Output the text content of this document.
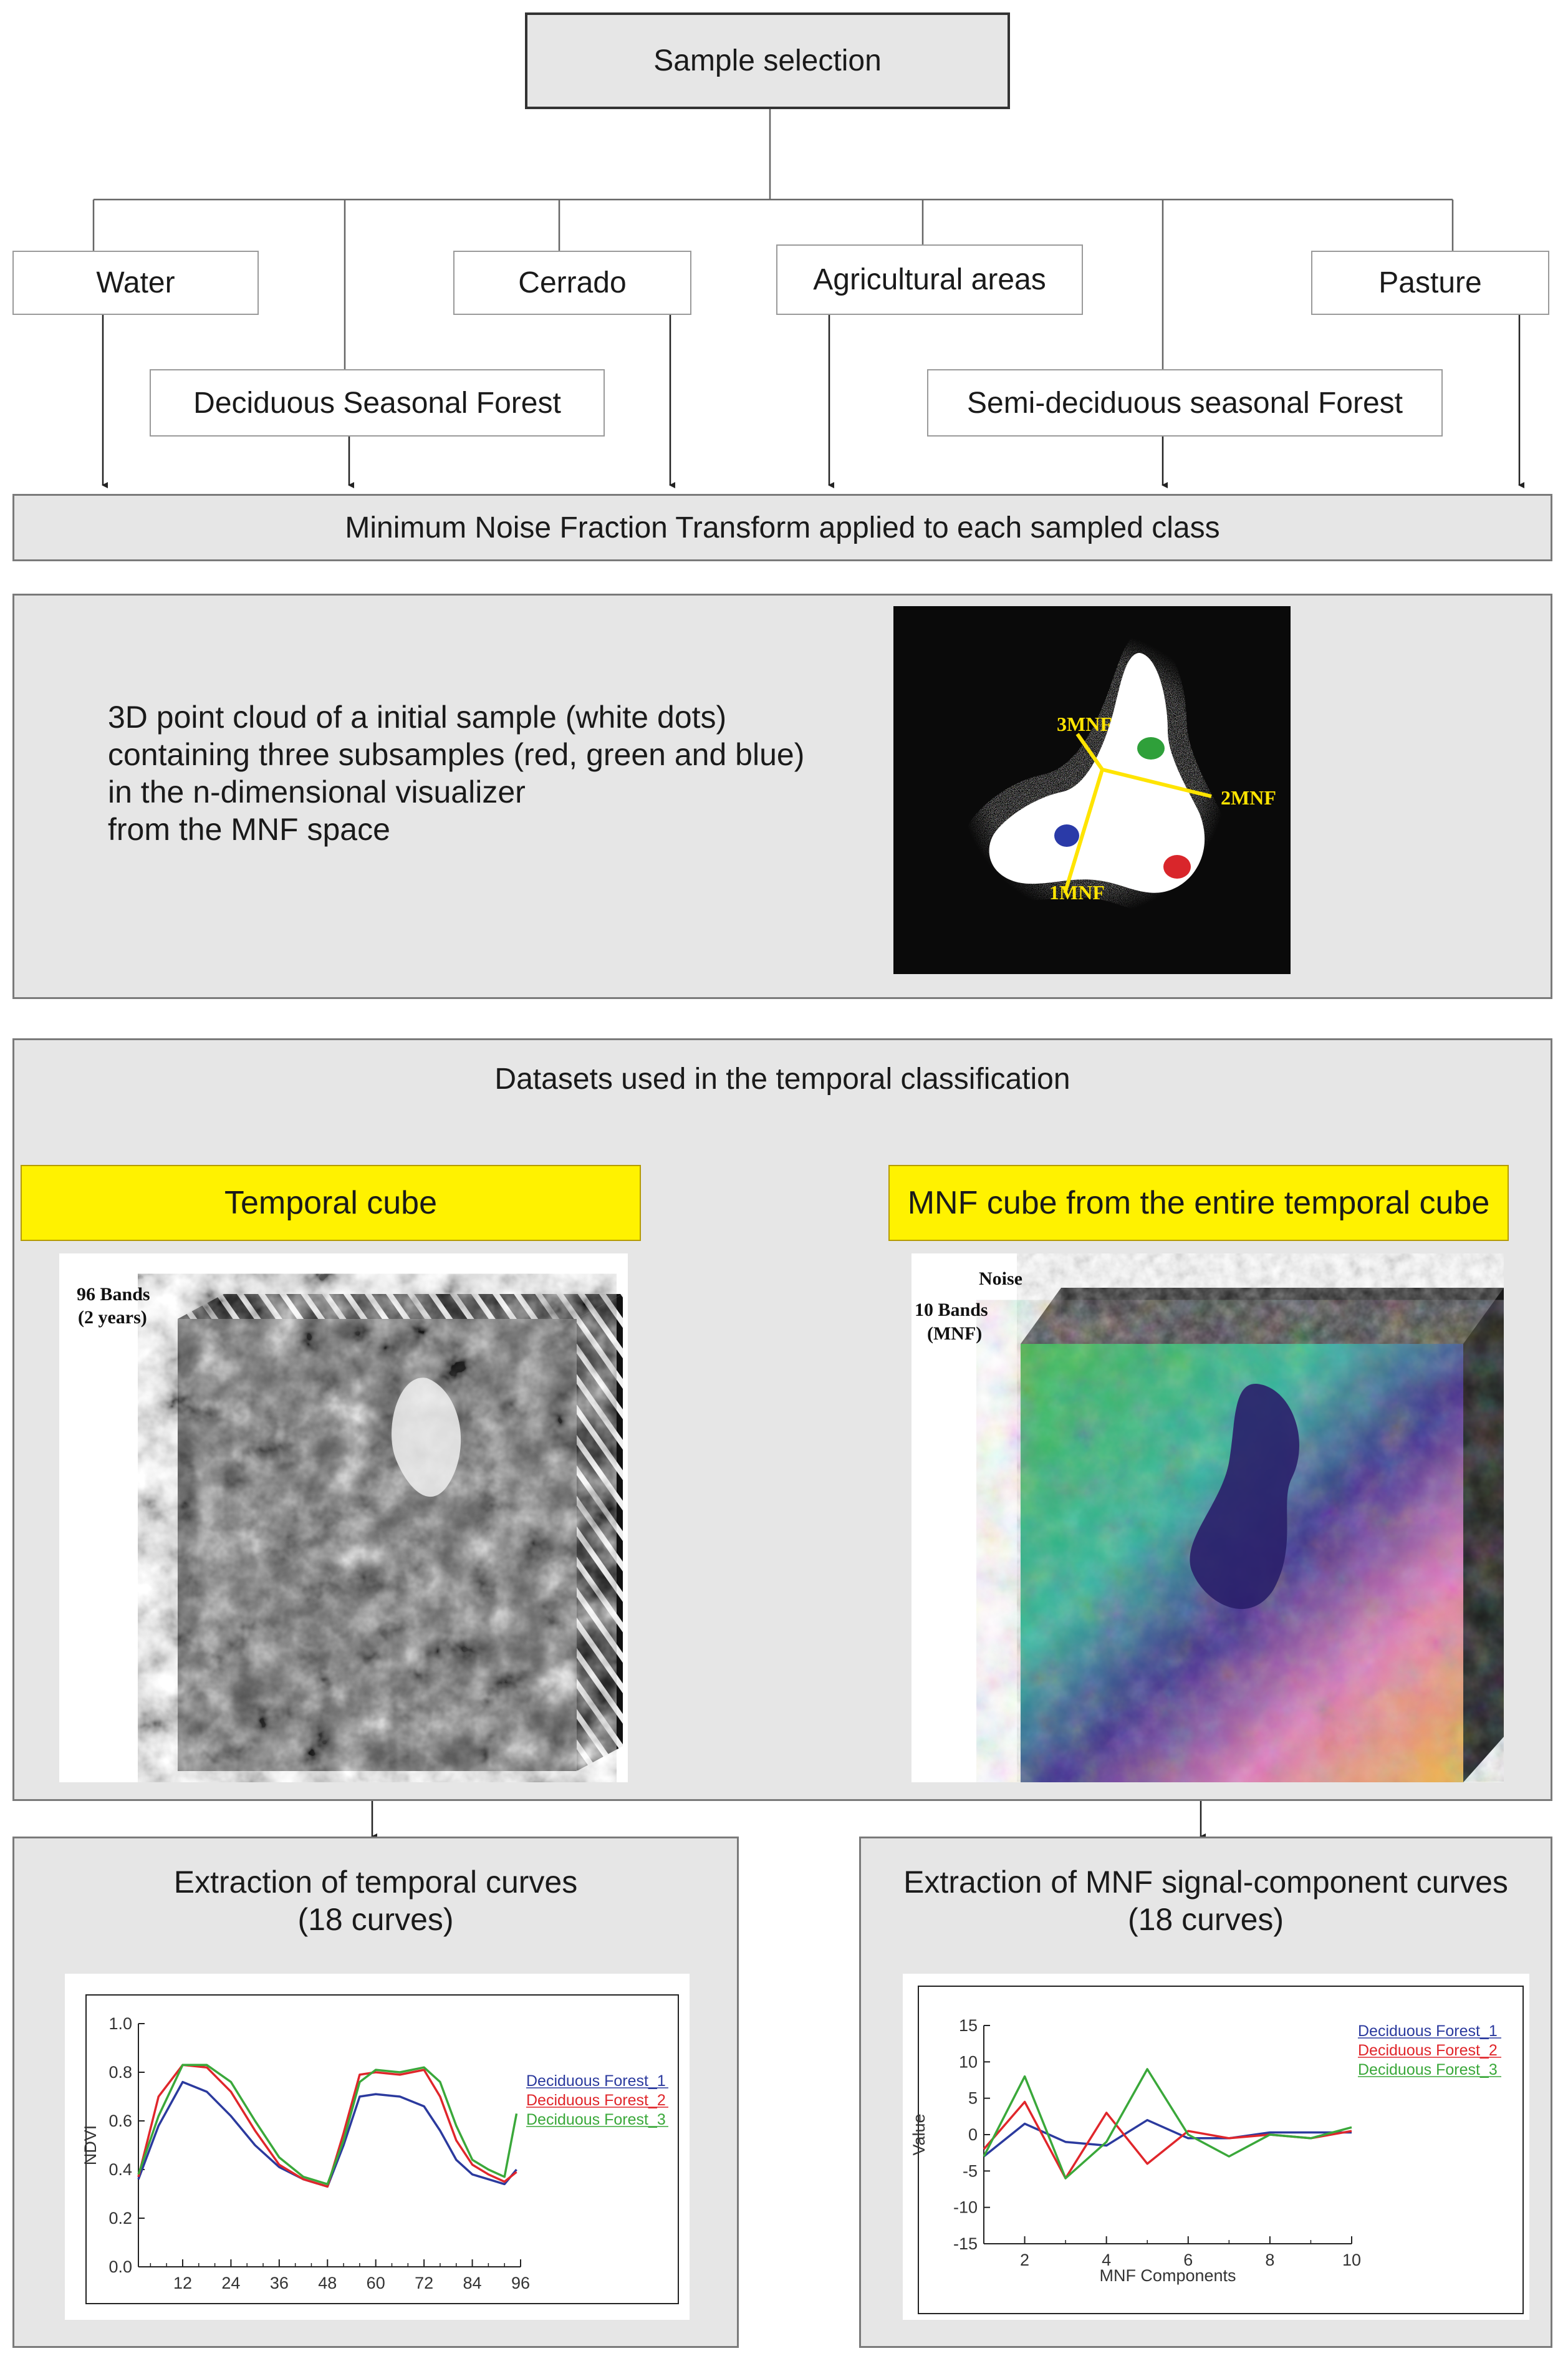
Sample selection
Water	Cerrado	Agricultural areas	Pasture
Deciduous Seasonal Forest	Semi-deciduous seasonal Forest
Minimum Noise Fraction Transform applied to each sampled class
3D point cloud of a initial sample (white dots)
containing three subsamples (red, green and blue)
in the n-dimensional visualizer
from the MNF space
3MNF
2MNF
1MNF
Datasets used in the temporal classification
Temporal cube	MNF cube from the entire temporal cube
96 Bands
(2 years)
Noise
10 Bands
(MNF)
Extraction of temporal curves
(18 curves)
Extraction of MNF signal-component curves
(18 curves)
0.0
0.2
0.4
0.6
0.8
1.0
12 24 36 48 60 72 84 96
NDVI
Deciduous Forest_1
Deciduous Forest_2
Deciduous Forest_3
15
10
5
0
-5
-10
-15
2	4	6	8	10
Value
MNF Components
Deciduous Forest_1
Deciduous Forest_2
Deciduous Forest_3
